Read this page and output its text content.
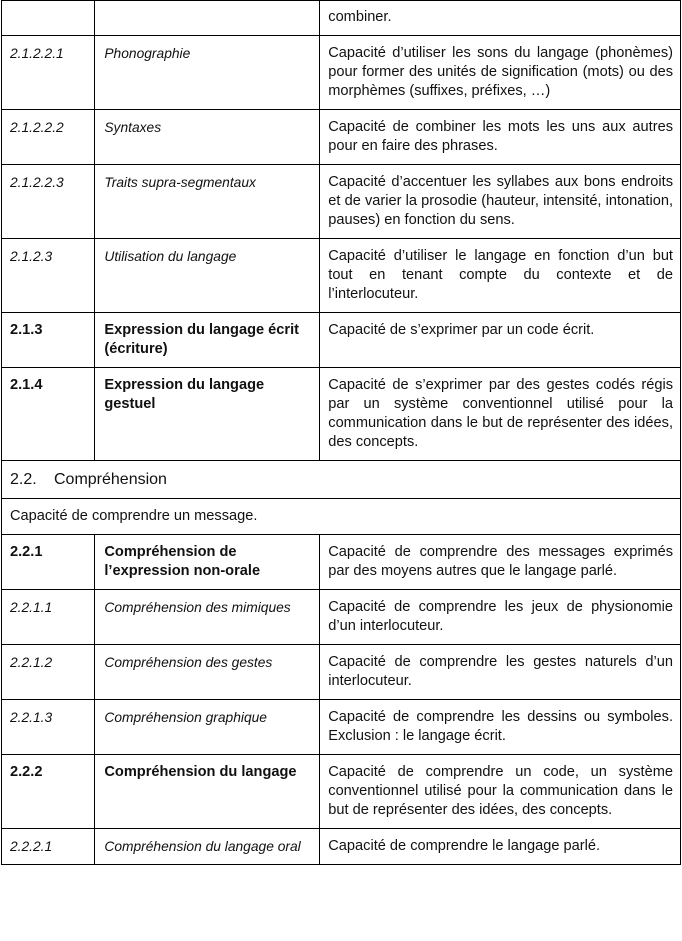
		combiner.
2.1.2.2.1	Phonographie	Capacité d’utiliser les sons du langage (phonèmes) pour former des unités de signification (mots) ou des morphèmes (suffixes, préfixes, …)
2.1.2.2.2	Syntaxes	Capacité de combiner les mots les uns aux autres pour en faire des phrases.
2.1.2.2.3	Traits supra-segmentaux	Capacité d’accentuer les syllabes aux bons endroits et de varier la prosodie (hauteur, intensité, intonation, pauses) en fonction du sens.
2.1.2.3	Utilisation du langage	Capacité d’utiliser le langage en fonction d’un but tout en tenant compte du contexte et de l’interlocuteur.
2.1.3	Expression du langage écrit (écriture)	Capacité de s’exprimer par un code écrit.
2.1.4	Expression du langage gestuel	Capacité de s’exprimer par des gestes codés régis par un système conventionnel utilisé pour la communication dans le but de représenter des idées, des concepts.
2.2. Compréhension		
Capacité de comprendre un message.		
2.2.1	Compréhension de l’expression non-orale	Capacité de comprendre des messages exprimés par des moyens autres que le langage parlé.
2.2.1.1	Compréhension des mimiques	Capacité de comprendre les jeux de physionomie d’un interlocuteur.
2.2.1.2	Compréhension des gestes	Capacité de comprendre les gestes naturels d’un interlocuteur.
2.2.1.3	Compréhension graphique	Capacité de comprendre les dessins ou symboles. Exclusion : le langage écrit.
2.2.2	Compréhension du langage	Capacité de comprendre un code, un système conventionnel utilisé pour la communication dans le but de représenter des idées, des concepts.
2.2.2.1	Compréhension du langage oral	Capacité de comprendre le langage parlé.
